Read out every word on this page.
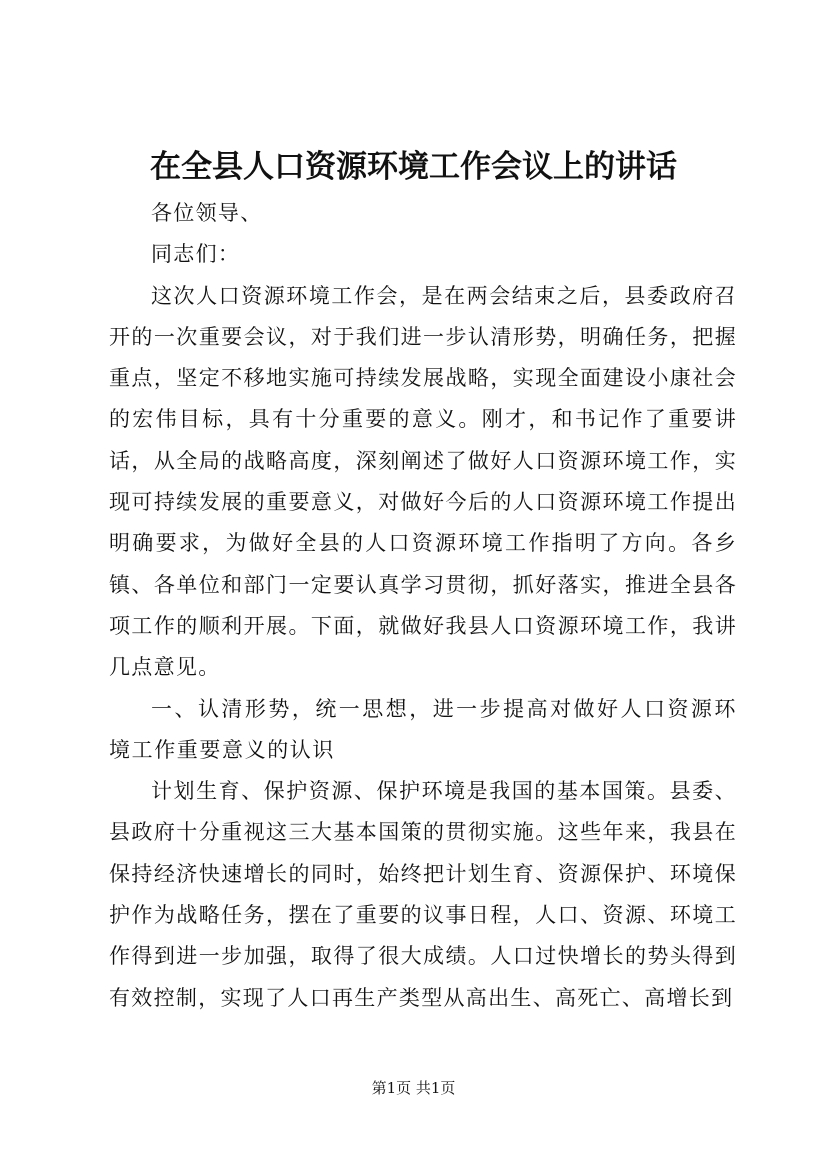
在全县人口资源环境工作会议上的讲话

各位领导、

同志们：

这次人口资源环境工作会，是在两会结束之后，县委政府召开的一次重要会议，对于我们进一步认清形势，明确任务，把握重点，坚定不移地实施可持续发展战略，实现全面建设小康社会的宏伟目标，具有十分重要的意义。刚才，和书记作了重要讲话，从全局的战略高度，深刻阐述了做好人口资源环境工作，实现可持续发展的重要意义，对做好今后的人口资源环境工作提出明确要求，为做好全县的人口资源环境工作指明了方向。各乡镇、各单位和部门一定要认真学习贯彻，抓好落实，推进全县各项工作的顺利开展。下面，就做好我县人口资源环境工作，我讲几点意见。

一、认清形势，统一思想，进一步提高对做好人口资源环境工作重要意义的认识

计划生育、保护资源、保护环境是我国的基本国策。县委、县政府十分重视这三大基本国策的贯彻实施。这些年来，我县在保持经济快速增长的同时，始终把计划生育、资源保护、环境保护作为战略任务，摆在了重要的议事日程，人口、资源、环境工作得到进一步加强，取得了很大成绩。人口过快增长的势头得到有效控制，实现了人口再生产类型从高出生、高死亡、高增长到

第1页 共1页
